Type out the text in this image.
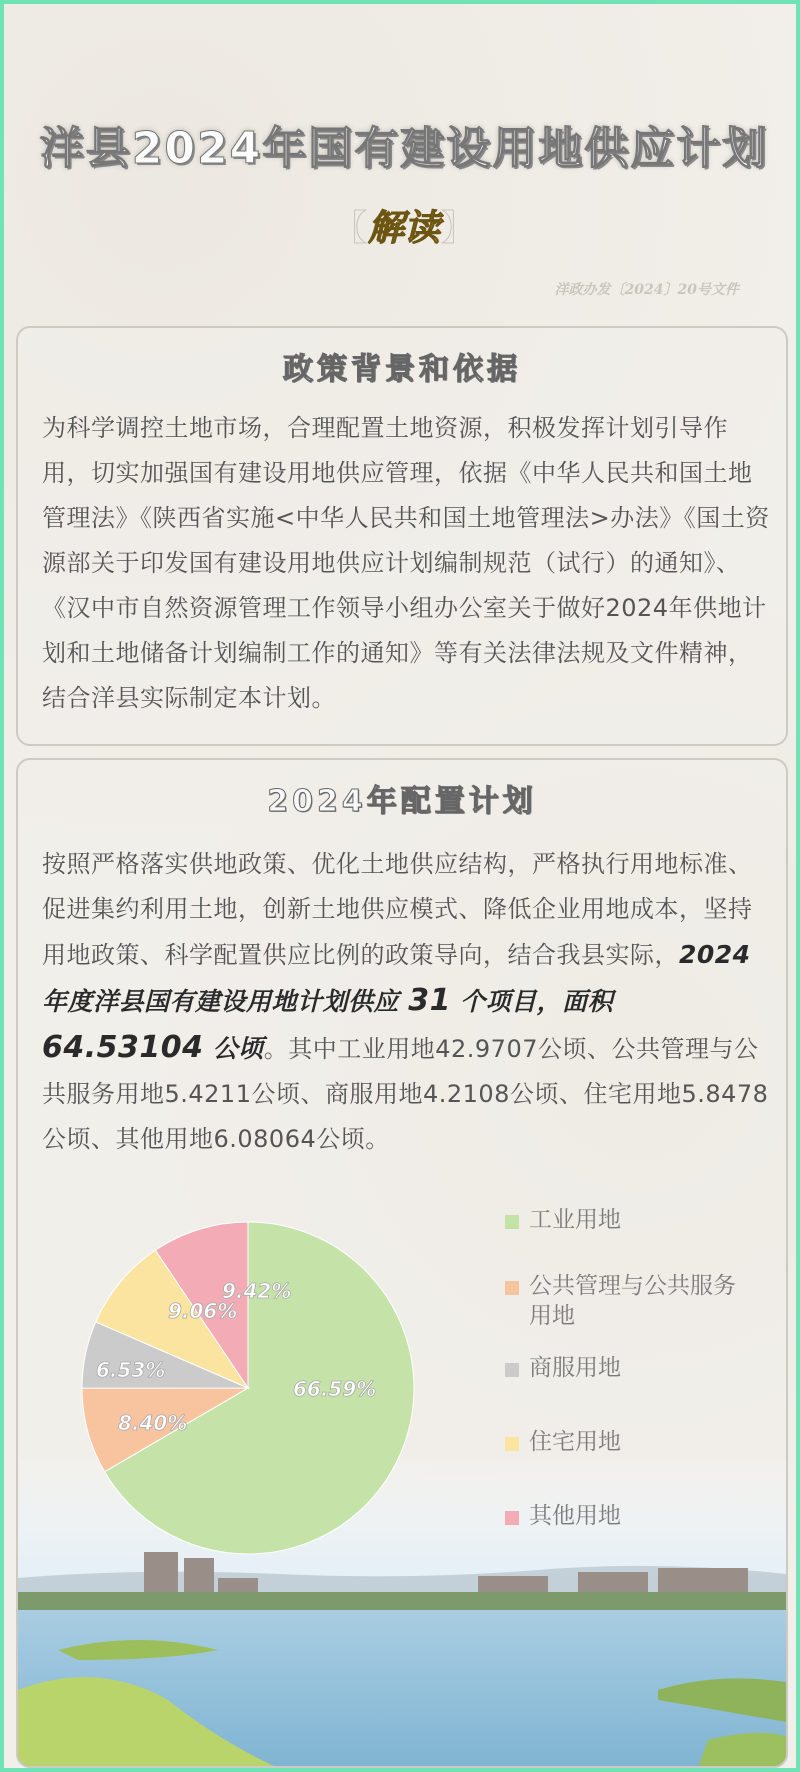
洋县2024年国有建设用地供应计划
〖解读〗
洋政办发〔2024〕20号文件
政策背景和依据
为科学调控土地市场，合理配置土地资源，积极发挥计划引导作用，切实加强国有建设用地供应管理，依据《中华人民共和国土地管理法》《陕西省实施<中华人民共和国土地管理法>办法》《国土资源部关于印发国有建设用地供应计划编制规范（试行）的通知》、《汉中市自然资源管理工作领导小组办公室关于做好2024年供地计划和土地储备计划编制工作的通知》等有关法律法规及文件精神，结合洋县实际制定本计划。
2024年配置计划
按照严格落实供地政策、优化土地供应结构，严格执行用地标准、促进集约利用土地，创新土地供应模式、降低企业用地成本，坚持用地政策、科学配置供应比例的政策导向，结合我县实际，2024年度洋县国有建设用地计划供应 31 个项目，面积64.53104 公顷。其中工业用地42.9707公顷、公共管理与公共服务用地5.4211公顷、商服用地4.2108公顷、住宅用地5.8478公顷、其他用地6.08064公顷。
66.59%
8.40%
6.53%
9.06%
9.42%
工业用地
公共管理与公共服务用地
商服用地
住宅用地
其他用地
